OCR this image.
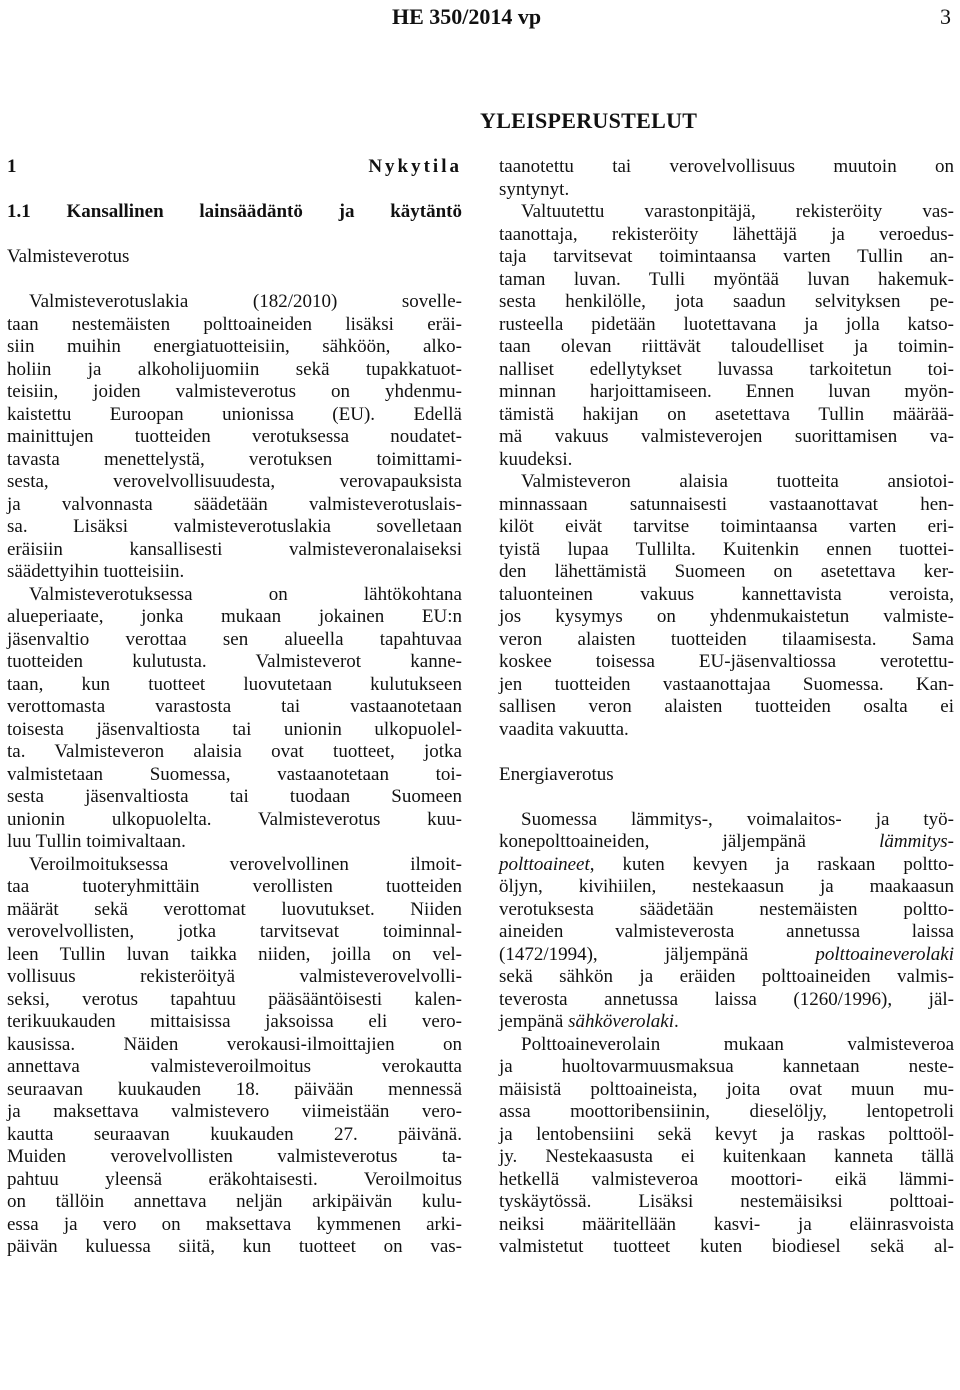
HE 350/2014 vp	3
YLEISPERUSTELUT
1 Nykytila
1.1 Kansallinen lainsäädäntö ja käytäntö
Valmisteverotus
Valmisteverotuslakia (182/2010) sovelle-
taan nestemäisten polttoaineiden lisäksi eräi-
siin muihin energiatuotteisiin, sähköön, alko-
holiin ja alkoholijuomiin sekä tupakkatuot-
teisiin, joiden valmisteverotus on yhdenmu-
kaistettu Euroopan unionissa (EU). Edellä
mainittujen tuotteiden verotuksessa noudatet-
tavasta menettelystä, verotuksen toimittami-
sesta, verovelvollisuudesta, verovapauksista
ja valvonnasta säädetään valmisteverotuslais-
sa. Lisäksi valmisteverotuslakia sovelletaan
eräisiin kansallisesti valmisteveronalaiseksi
säädettyihin tuotteisiin.
Valmisteverotuksessa on lähtökohtana
alueperiaate, jonka mukaan jokainen EU:n
jäsenvaltio verottaa sen alueella tapahtuvaa
tuotteiden kulutusta. Valmisteverot kanne-
taan, kun tuotteet luovutetaan kulutukseen
verottomasta varastosta tai vastaanotetaan
toisesta jäsenvaltiosta tai unionin ulkopuolel-
ta. Valmisteveron alaisia ovat tuotteet, jotka
valmistetaan Suomessa, vastaanotetaan toi-
sesta jäsenvaltiosta tai tuodaan Suomeen
unionin ulkopuolelta. Valmisteverotus kuu-
luu Tullin toimivaltaan.
Veroilmoituksessa verovelvollinen ilmoit-
taa tuoteryhmittäin verollisten tuotteiden
määrät sekä verottomat luovutukset. Niiden
verovelvollisten, jotka tarvitsevat toiminnal-
leen Tullin luvan taikka niiden, joilla on vel-
vollisuus rekisteröityä valmisteverovelvolli-
seksi, verotus tapahtuu pääsääntöisesti kalen-
terikuukauden mittaisissa jaksoissa eli vero-
kausissa. Näiden verokausi-ilmoittajien on
annettava valmisteveroilmoitus verokautta
seuraavan kuukauden 18. päivään mennessä
ja maksettava valmistevero viimeistään vero-
kautta seuraavan kuukauden 27. päivänä.
Muiden verovelvollisten valmisteverotus ta-
pahtuu yleensä eräkohtaisesti. Veroilmoitus
on tällöin annettava neljän arkipäivän kulu-
essa ja vero on maksettava kymmenen arki-
päivän kuluessa siitä, kun tuotteet on vas-
taanotettu tai verovelvollisuus muutoin on
syntynyt.
Valtuutettu varastonpitäjä, rekisteröity vas-
taanottaja, rekisteröity lähettäjä ja veroedus-
taja tarvitsevat toimintaansa varten Tullin an-
taman luvan. Tulli myöntää luvan hakemuk-
sesta henkilölle, jota saadun selvityksen pe-
rusteella pidetään luotettavana ja jolla katso-
taan olevan riittävät taloudelliset ja toimin-
nalliset edellytykset luvassa tarkoitetun toi-
minnan harjoittamiseen. Ennen luvan myön-
tämistä hakijan on asetettava Tullin määrää-
mä vakuus valmisteverojen suorittamisen va-
kuudeksi.
Valmisteveron alaisia tuotteita ansiotoi-
minnassaan satunnaisesti vastaanottavat hen-
kilöt eivät tarvitse toimintaansa varten eri-
tyistä lupaa Tullilta. Kuitenkin ennen tuottei-
den lähettämistä Suomeen on asetettava ker-
taluonteinen vakuus kannettavista veroista,
jos kysymys on yhdenmukaistetun valmiste-
veron alaisten tuotteiden tilaamisesta. Sama
koskee toisessa EU-jäsenvaltiossa verotettu-
jen tuotteiden vastaanottajaa Suomessa. Kan-
sallisen veron alaisten tuotteiden osalta ei
vaadita vakuutta.
Energiaverotus
Suomessa lämmitys-, voimalaitos- ja työ-
konepolttoaineiden, jäljempänä lämmitys-
polttoaineet, kuten kevyen ja raskaan poltto-
öljyn, kivihiilen, nestekaasun ja maakaasun
verotuksesta säädetään nestemäisten poltto-
aineiden valmisteverosta annetussa laissa
(1472/1994), jäljempänä polttoaineverolaki
sekä sähkön ja eräiden polttoaineiden valmis-
teverosta annetussa laissa (1260/1996), jäl-
jempänä sähköverolaki.
Polttoaineverolain mukaan valmisteveroa
ja huoltovarmuusmaksua kannetaan neste-
mäisistä polttoaineista, joita ovat muun mu-
assa moottoribensiinin, dieselöljy, lentopetroli
ja lentobensiini sekä kevyt ja raskas polttoöl-
jy. Nestekaasusta ei kuitenkaan kanneta tällä
hetkellä valmisteveroa moottori- eikä lämmi-
tyskäytössä. Lisäksi nestemäisiksi polttoai-
neiksi määritellään kasvi- ja eläinrasvoista
valmistetut tuotteet kuten biodiesel sekä al-
